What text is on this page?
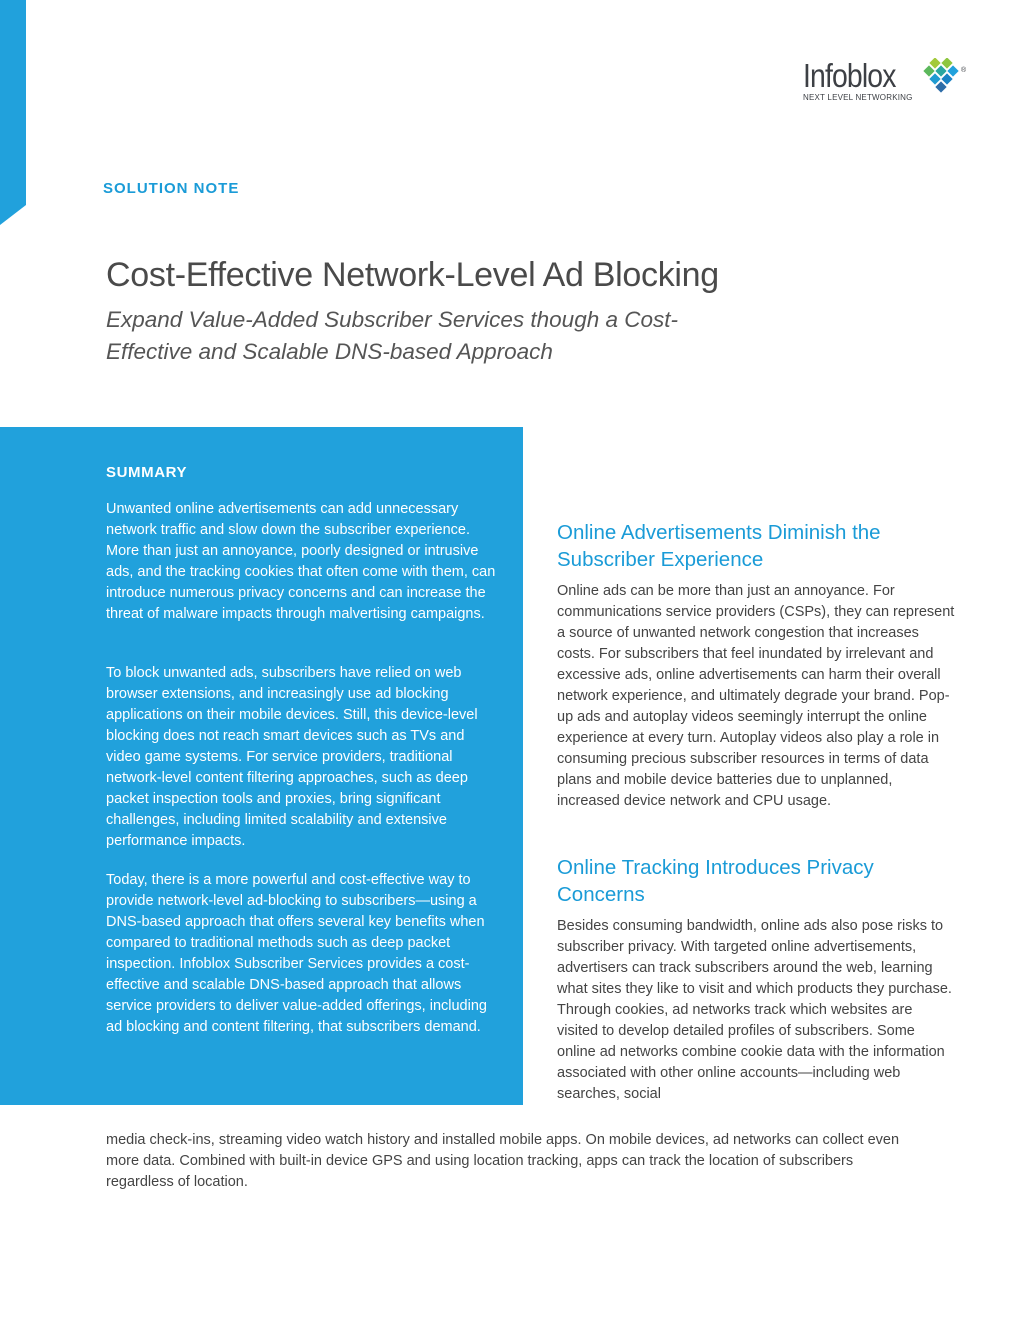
Infoblox
NEXT LEVEL NETWORKING
®
SOLUTION NOTE
Cost-Effective Network-Level Ad Blocking

Expand Value-Added Subscriber Services though a Cost-Effective and Scalable DNS-based Approach

SUMMARY

Unwanted online advertisements can add unnecessary network traffic and slow down the subscriber experience. More than just an annoyance, poorly designed or intrusive ads, and the tracking cookies that often come with them, can introduce numerous privacy concerns and can increase the threat of malware impacts through malvertising campaigns.

To block unwanted ads, subscribers have relied on web browser extensions, and increasingly use ad blocking applications on their mobile devices. Still, this device-level blocking does not reach smart devices such as TVs and video game systems. For service providers, traditional network-level content filtering approaches, such as deep packet inspection tools and proxies, bring significant challenges, including limited scalability and extensive performance impacts.

Today, there is a more powerful and cost-effective way to provide network-level ad-blocking to subscribers—using a DNS-based approach that offers several key benefits when compared to traditional methods such as deep packet inspection. Infoblox Subscriber Services provides a cost-effective and scalable DNS-based approach that allows service providers to deliver value-added offerings, including ad blocking and content filtering, that subscribers demand.

Online Advertisements Diminish the Subscriber Experience

Online ads can be more than just an annoyance. For communications service providers (CSPs), they can represent a source of unwanted network congestion that increases costs. For subscribers that feel inundated by irrelevant and excessive ads, online advertisements can harm their overall network experience, and ultimately degrade your brand. Pop-up ads and autoplay videos seemingly interrupt the online experience at every turn. Autoplay videos also play a role in consuming precious subscriber resources in terms of data plans and mobile device batteries due to unplanned, increased device network and CPU usage.

Online Tracking Introduces Privacy Concerns

Besides consuming bandwidth, online ads also pose risks to subscriber privacy. With targeted online advertisements, advertisers can track subscribers around the web, learning what sites they like to visit and which products they purchase. Through cookies, ad networks track which websites are visited to develop detailed profiles of subscribers. Some online ad networks combine cookie data with the information associated with other online accounts—including web searches, social

media check-ins, streaming video watch history and installed mobile apps. On mobile devices, ad networks can collect even more data. Combined with built-in device GPS and using location tracking, apps can track the location of subscribers regardless of location.
